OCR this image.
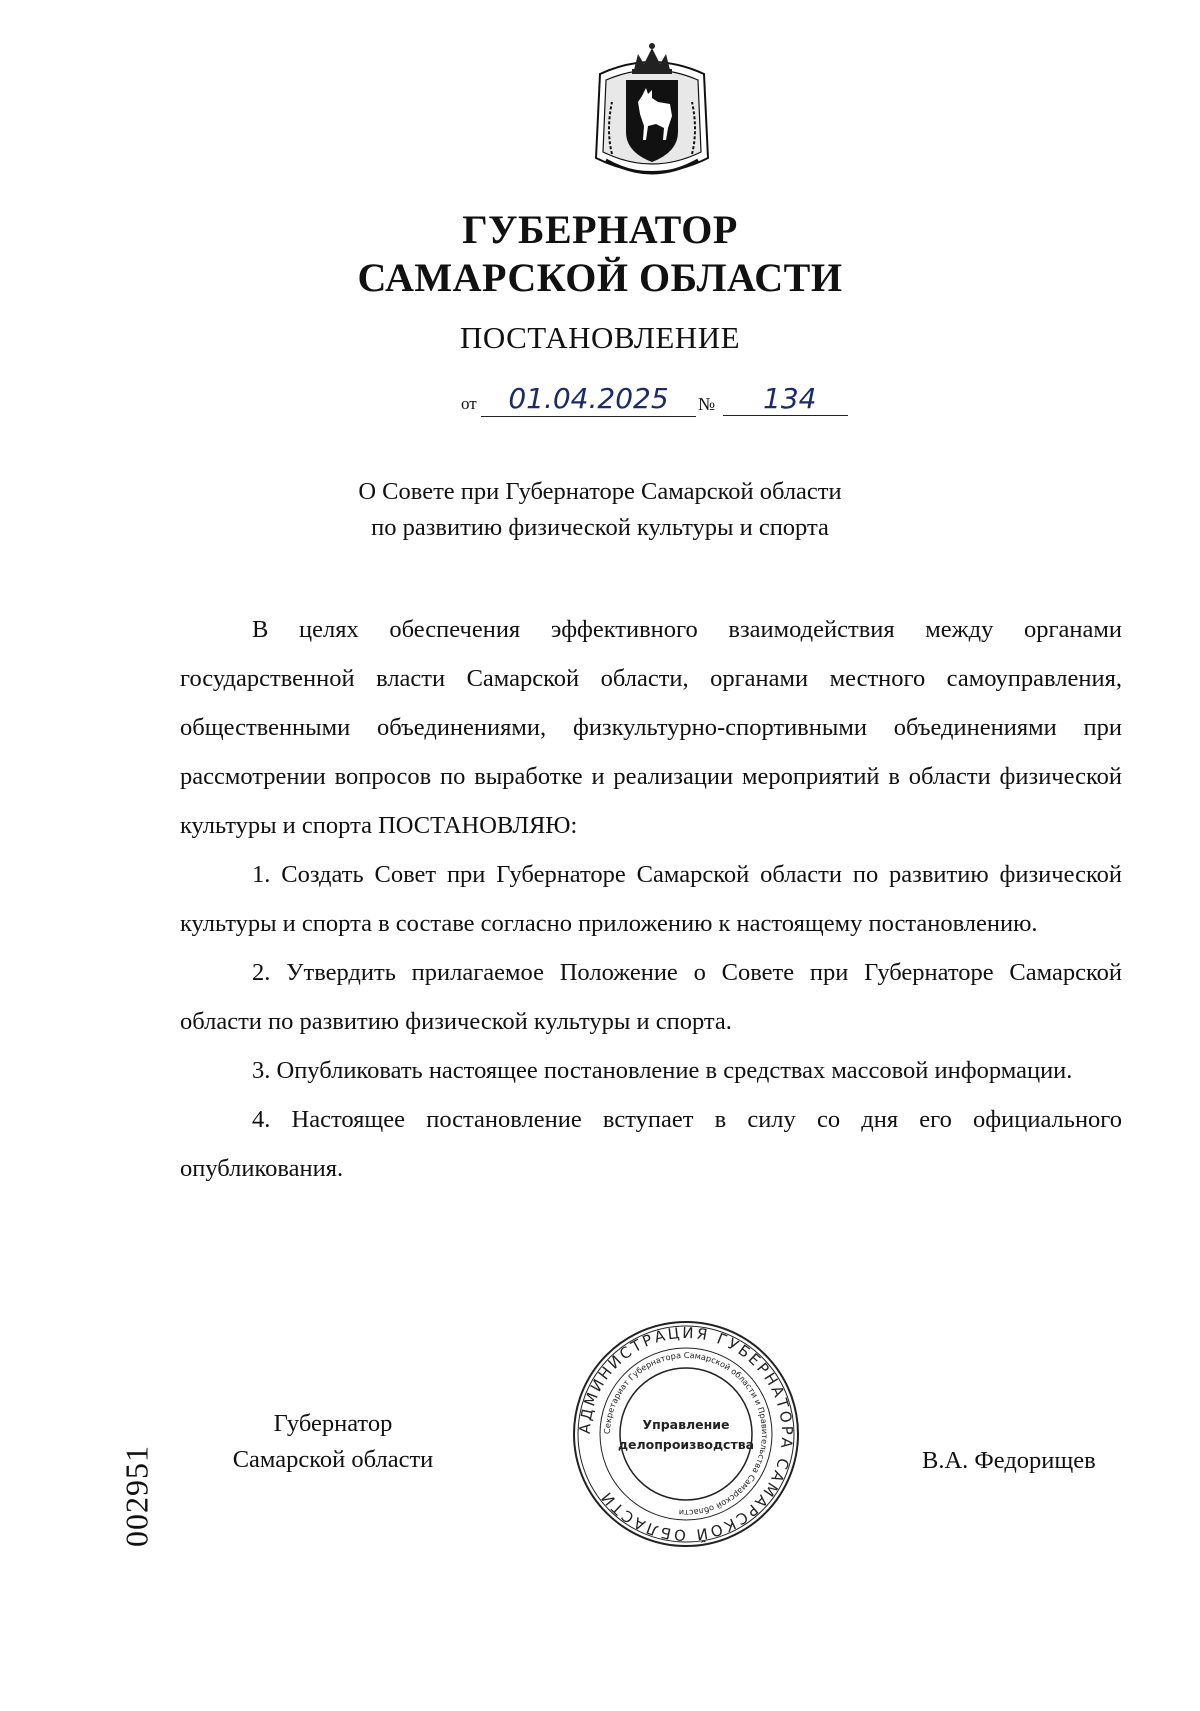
ГУБЕРНАТОР
САМАРСКОЙ ОБЛАСТИ
ПОСТАНОВЛЕНИЕ
от	01.04.2025	№	134
О Совете при Губернаторе Самарской области
по развитию физической культуры и спорта

В целях обеспечения эффективного взаимодействия между органами государственной власти Самарской области, органами местного самоуправления, общественными объединениями, физкультурно-спортивными объединениями при рассмотрении вопросов по выработке и реализации мероприятий в области физической культуры и спорта ПОСТАНОВЛЯЮ:

1. Создать Совет при Губернаторе Самарской области по развитию физической культуры и спорта в составе согласно приложению к настоящему постановлению.

2. Утвердить прилагаемое Положение о Совете при Губернаторе Самарской области по развитию физической культуры и спорта.

3. Опубликовать настоящее постановление в средствах массовой информации.

4. Настоящее постановление вступает в силу со дня его официального опубликования.

Губернатор
Самарской области	В.А. Федорищев
АДМИНИСТРАЦИЯ ГУБЕРНАТОРА САМАРСКОЙ ОБЛАСТИ
Секретариат Губернатора Самарской области и Правительства Самарской области
Управление
делопроизводства
002951
